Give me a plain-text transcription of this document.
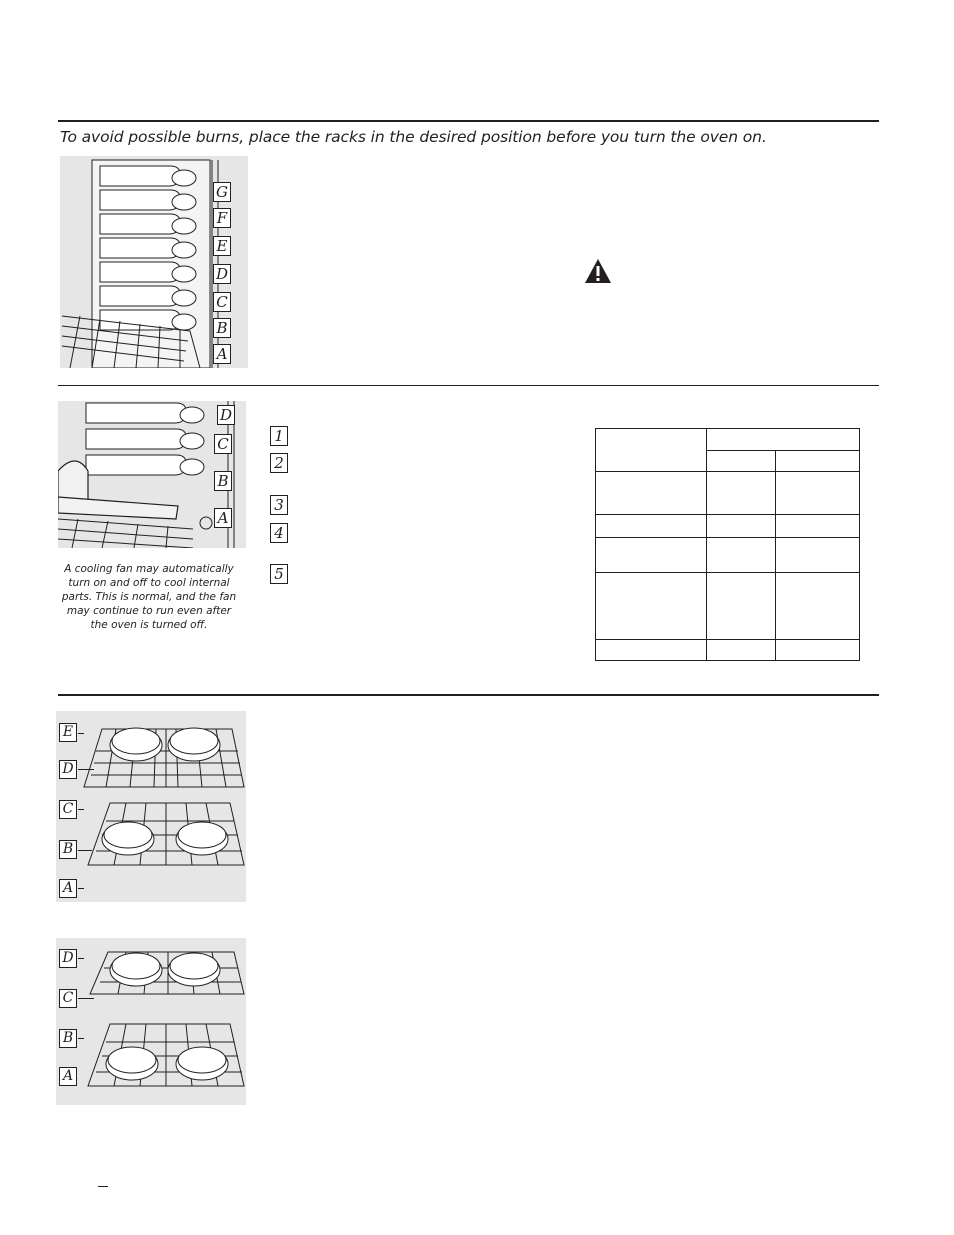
To avoid possible burns, place the racks in the desired position before you turn the oven on.
G
F
E
D
C
B
A
D
C
B
A
A cooling fan may automatically turn on and off to cool internal parts. This is normal, and the fan may continue to run even after the oven is turned off.
1
2
3
4
5

E
D
C
B
A
D
C
B
A
